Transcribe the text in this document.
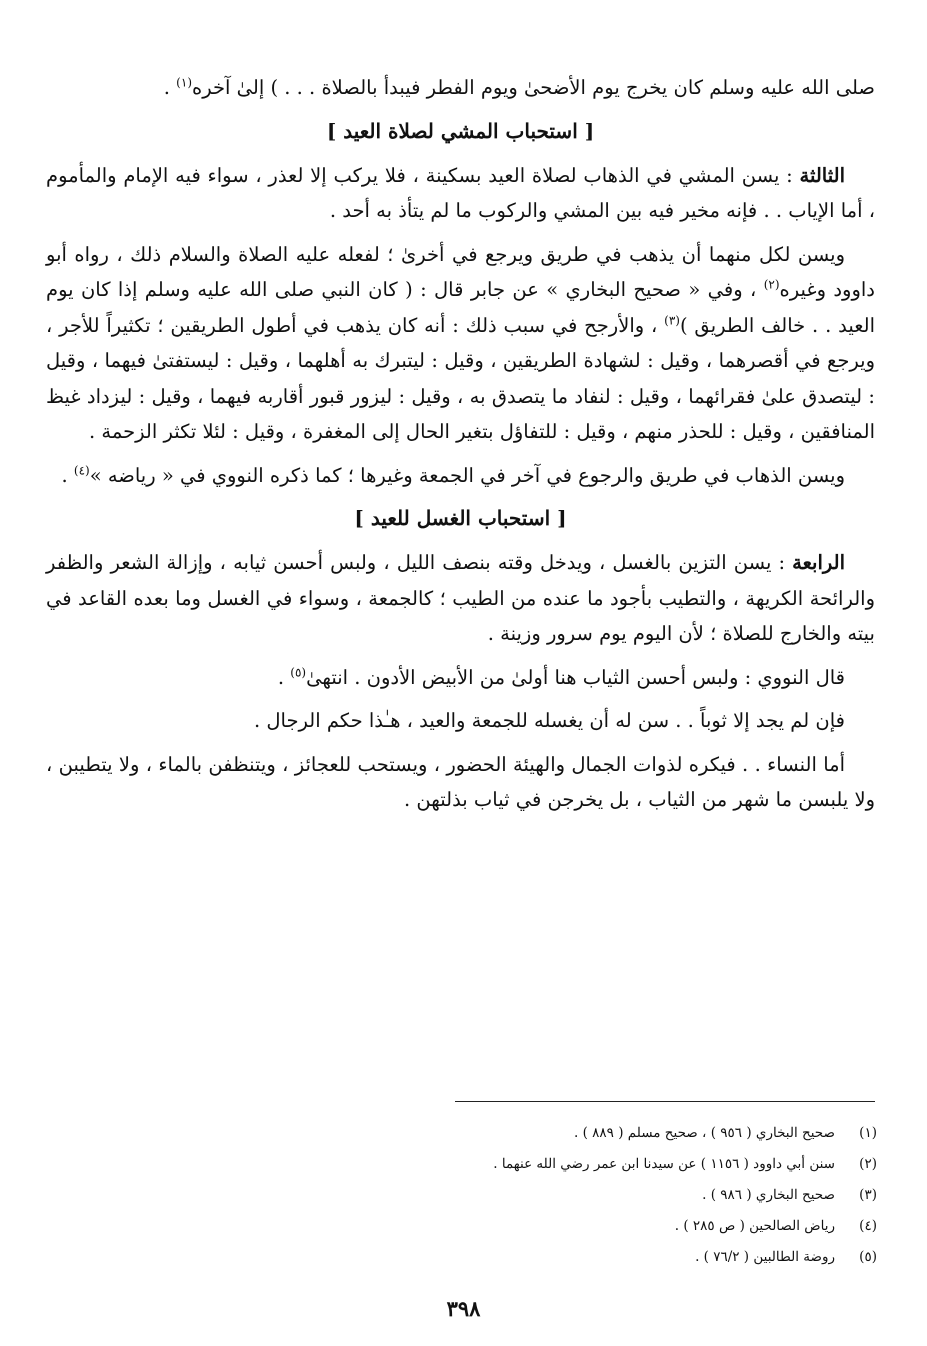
صلى الله عليه وسلم كان يخرج يوم الأضحىٰ ويوم الفطر فيبدأ بالصلاة . . . ) إلىٰ آخره$^{(١)}$ .

[ استحباب المشي لصلاة العيد ]

الثالثة : يسن المشي في الذهاب لصلاة العيد بسكينة ، فلا يركب إلا لعذر ، سواء فيه الإمام والمأموم ، أما الإياب . . فإنه مخير فيه بين المشي والركوب ما لم يتأذ به أحد .

ويسن لكل منهما أن يذهب في طريق ويرجع في أخرىٰ ؛ لفعله عليه الصلاة والسلام ذلك ، رواه أبو داوود وغيره$^{(٢)}$ ، وفي « صحيح البخاري » عن جابر قال : ( كان النبي صلى الله عليه وسلم إذا كان يوم العيد . . خالف الطريق )$^{(٣)}$ ، والأرجح في سبب ذلك : أنه كان يذهب في أطول الطريقين ؛ تكثيراً للأجر ، ويرجع في أقصرهما ، وقيل : لشهادة الطريقين ، وقيل : ليتبرك به أهلهما ، وقيل : ليستفتىٰ فيهما ، وقيل : ليتصدق علىٰ فقرائهما ، وقيل : لنفاد ما يتصدق به ، وقيل : ليزور قبور أقاربه فيهما ، وقيل : ليزداد غيظ المنافقين ، وقيل : للحذر منهم ، وقيل : للتفاؤل بتغير الحال إلى المغفرة ، وقيل : لئلا تكثر الزحمة .

ويسن الذهاب في طريق والرجوع في آخر في الجمعة وغيرها ؛ كما ذكره النووي في « رياضه »$^{(٤)}$ .

[ استحباب الغسل للعيد ]

الرابعة : يسن التزين بالغسل ، ويدخل وقته بنصف الليل ، ولبس أحسن ثيابه ، وإزالة الشعر والظفر والرائحة الكريهة ، والتطيب بأجود ما عنده من الطيب ؛ كالجمعة ، وسواء في الغسل وما بعده القاعد في بيته والخارج للصلاة ؛ لأن اليوم يوم سرور وزينة .

قال النووي : ولبس أحسن الثياب هنا أولىٰ من الأبيض الأدون . انتهىٰ$^{(٥)}$ .

فإن لم يجد إلا ثوباً . . سن له أن يغسله للجمعة والعيد ، هـٰذا حكم الرجال .

أما النساء . . فيكره لذوات الجمال والهيئة الحضور ، ويستحب للعجائز ، ويتنظفن بالماء ، ولا يتطيبن ، ولا يلبسن ما شهر من الثياب ، بل يخرجن في ثياب بذلتهن .

(١)
صحيح البخاري ( ٩٥٦ ) ، صحيح مسلم ( ٨٨٩ ) .
(٢)
سنن أبي داوود ( ١١٥٦ ) عن سيدنا ابن عمر رضي الله عنهما .
(٣)
صحيح البخاري ( ٩٨٦ ) .
(٤)
رياض الصالحين ( ص ٢٨٥ ) .
(٥)
روضة الطالبين ( ٧٦/٢ ) .
٣٩٨
